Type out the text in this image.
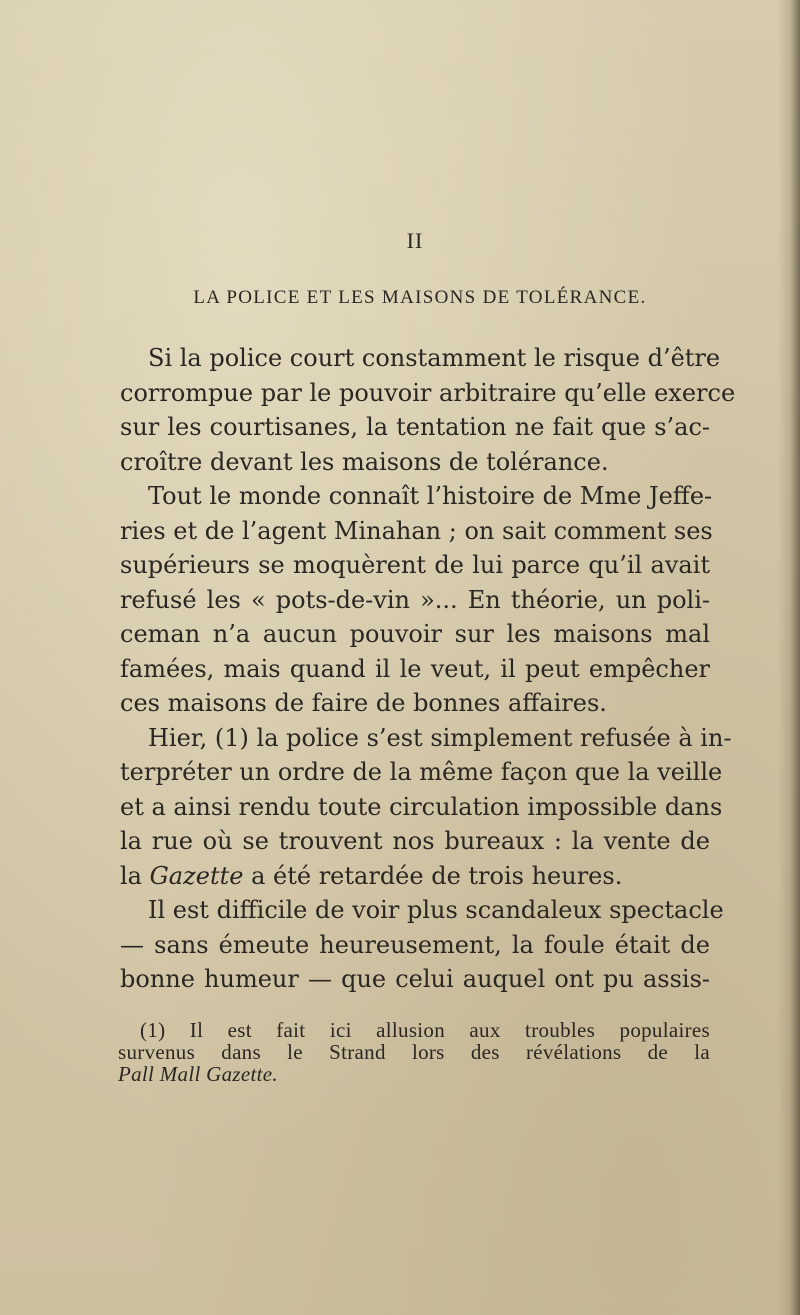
II
LA POLICE ET LES MAISONS DE TOLÉRANCE.
Si la police court constamment le risque d’être
corrompue par le pouvoir arbitraire qu’elle exerce
sur les courtisanes, la tentation ne fait que s’ac-
croître devant les maisons de tolérance.
Tout le monde connaît l’histoire de Mme Jeffe-
ries et de l’agent Minahan ; on sait comment ses
supérieurs se moquèrent de lui parce qu’il avait
refusé les « pots-de-vin »... En théorie, un poli-
ceman n’a aucun pouvoir sur les maisons mal
famées, mais quand il le veut, il peut empêcher
ces maisons de faire de bonnes affaires.
Hier, (1) la police s’est simplement refusée à in-
terpréter un ordre de la même façon que la veille
et a ainsi rendu toute circulation impossible dans
la rue où se trouvent nos bureaux : la vente de
la Gazette a été retardée de trois heures.
Il est difficile de voir plus scandaleux spectacle
— sans émeute heureusement, la foule était de
bonne humeur — que celui auquel ont pu assis-
(1) Il est fait ici allusion aux troubles populaires
survenus dans le Strand lors des révélations de la
Pall Mall Gazette.
